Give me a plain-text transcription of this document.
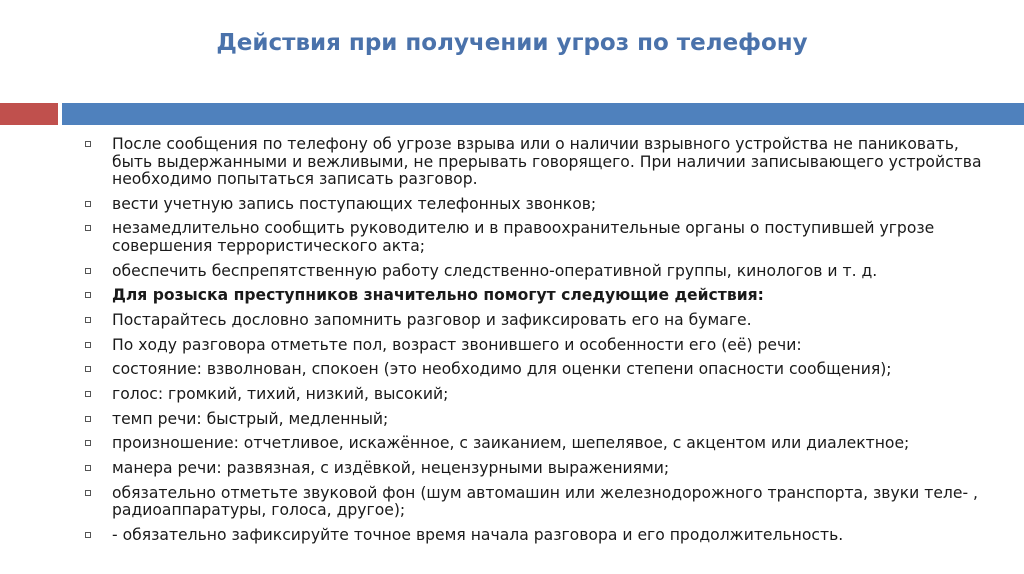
Действия при получении угроз по телефону
После сообщения по телефону об угрозе взрыва или о наличии взрывного устройства не паниковать, быть выдержанными и вежливыми, не прерывать говорящего. При наличии записывающего устройства необходимо попытаться записать разговор.
вести учетную запись поступающих телефонных звонков;
незамедлительно сообщить руководителю и в правоохранительные органы о поступившей угрозе совершения террористического акта;
обеспечить беспрепятственную работу следственно-оперативной группы, кинологов и т. д.
Для розыска преступников значительно помогут следующие действия:
Постарайтесь дословно запомнить разговор и зафиксировать его на бумаге.
По ходу разговора отметьте пол, возраст звонившего и особенности его (её) речи:
состояние: взволнован, спокоен (это необходимо для оценки степени опасности сообщения);
голос: громкий, тихий, низкий, высокий;
темп речи: быстрый, медленный;
произношение: отчетливое, искажённое, с заиканием, шепелявое, с акцентом или диалектное;
манера речи: развязная, с издёвкой, нецензурными выражениями;
обязательно отметьте звуковой фон (шум автомашин или железнодорожного транспорта, звуки теле- , радиоаппаратуры, голоса, другое);
- обязательно зафиксируйте точное время начала разговора и его продолжительность.
